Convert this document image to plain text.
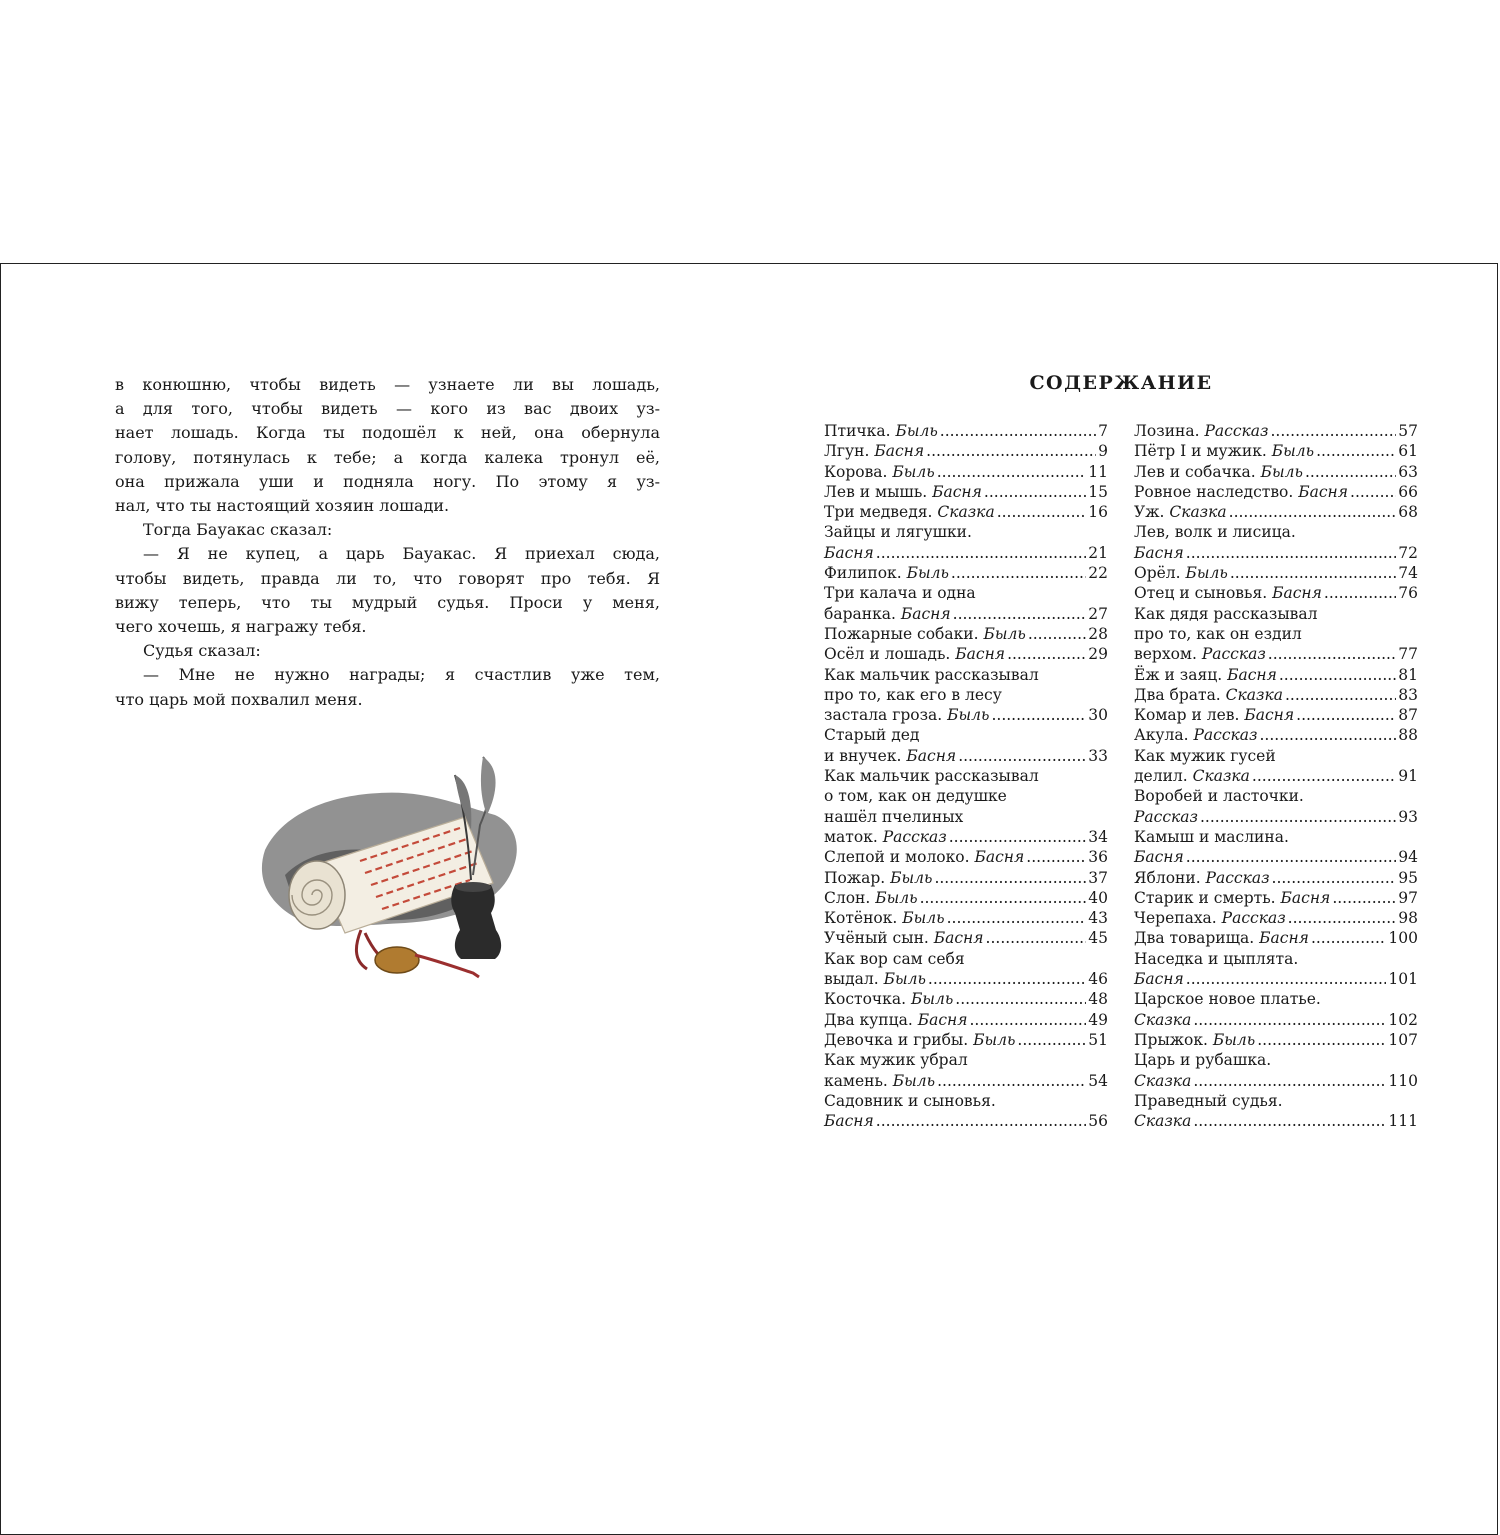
в конюшню, чтобы видеть — узнаете ли вы лошадь,
а для того, чтобы видеть — кого из вас двоих уз-
нает лошадь. Когда ты подошёл к ней, она обернула
голову, потянулась к тебе; а когда калека тронул её,
она прижала уши и подняла ногу. По этому я уз-
нал, что ты настоящий хозяин лошади.
Тогда Бауакас сказал:
— Я не купец, а царь Бауакас. Я приехал сюда,
чтобы видеть, правда ли то, что говорят про тебя. Я
вижу теперь, что ты мудрый судья. Проси у меня,
чего хочешь, я награжу тебя.
Судья сказал:
— Мне не нужно награды; я счастлив уже тем,
что царь мой похвалил меня.
СОДЕРЖАНИЕ
Птичка. Быль .....	7
Лгун. Басня .....	9
Корова. Быль .....	11
Лев и мышь. Басня .....	15
Три медведя. Сказка .....	16
Зайцы и лягушки.
Басня .....	21
Филипок. Быль .....	22
Три калача и одна
баранка. Басня .....	27
Пожарные собаки. Быль .....	28
Осёл и лошадь. Басня .....	29
Как мальчик рассказывал
про то, как его в лесу
застала гроза. Быль .....	30
Старый дед
и внучек. Басня .....	33
Как мальчик рассказывал
о том, как он дедушке
нашёл пчелиных
маток. Рассказ .....	34
Слепой и молоко. Басня .....	36
Пожар. Быль .....	37
Слон. Быль .....	40
Котёнок. Быль .....	43
Учёный сын. Басня .....	45
Как вор сам себя
выдал. Быль .....	46
Косточка. Быль .....	48
Два купца. Басня .....	49
Девочка и грибы. Быль .....	51
Как мужик убрал
камень. Быль .....	54
Садовник и сыновья.
Басня .....	56
Лозина. Рассказ .....	57
Пётр I и мужик. Быль .....	61
Лев и собачка. Быль .....	63
Ровное наследство. Басня .....	66
Уж. Сказка .....	68
Лев, волк и лисица.
Басня .....	72
Орёл. Быль .....	74
Отец и сыновья. Басня .....	76
Как дядя рассказывал
про то, как он ездил
верхом. Рассказ .....	77
Ёж и заяц. Басня .....	81
Два брата. Сказка .....	83
Комар и лев. Басня .....	87
Акула. Рассказ .....	88
Как мужик гусей
делил. Сказка .....	91
Воробей и ласточки.
Рассказ .....	93
Камыш и маслина.
Басня .....	94
Яблони. Рассказ .....	95
Старик и смерть. Басня .....	97
Черепаха. Рассказ .....	98
Два товарища. Басня .....	100
Наседка и цыплята.
Басня .....	101
Царское новое платье.
Сказка .....	102
Прыжок. Быль .....	107
Царь и рубашка.
Сказка .....	110
Праведный судья.
Сказка .....	111
